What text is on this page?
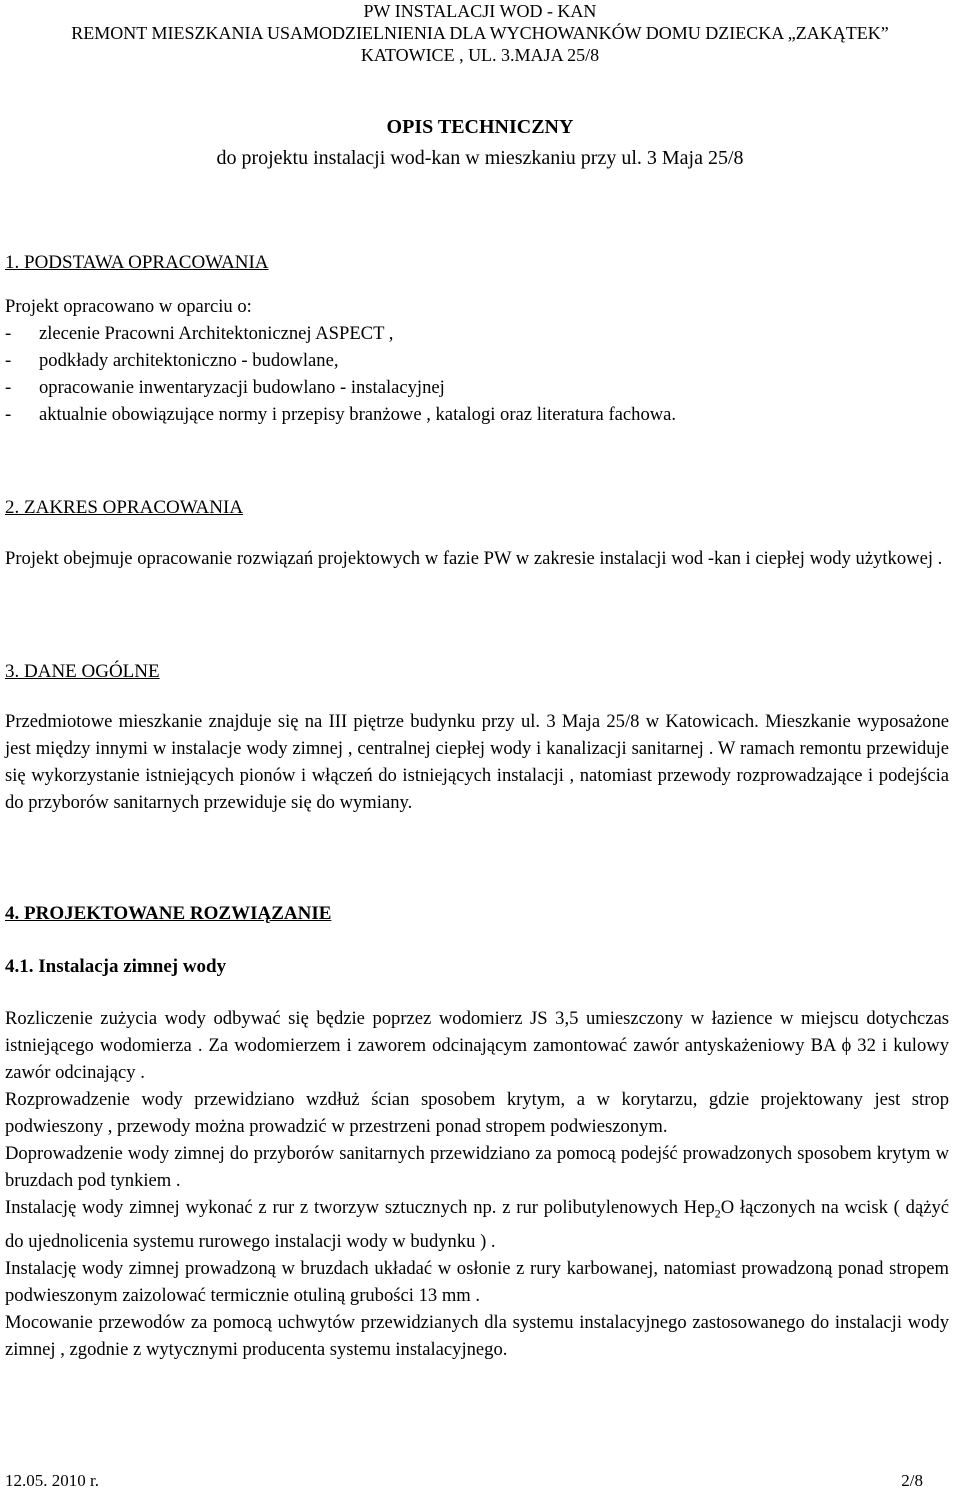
PW INSTALACJI WOD - KAN
REMONT MIESZKANIA USAMODZIELNIENIA DLA WYCHOWANKÓW DOMU DZIECKA „ZAKĄTEK”
KATOWICE , UL. 3.MAJA 25/8
OPIS TECHNICZNY
do projektu instalacji wod-kan w mieszkaniu przy ul. 3 Maja 25/8
1. PODSTAWA OPRACOWANIA
Projekt opracowano w oparciu o:
- zlecenie Pracowni Architektonicznej ASPECT ,
- podkłady architektoniczno - budowlane,
- opracowanie inwentaryzacji budowlano - instalacyjnej
- aktualnie obowiązujące normy i przepisy branżowe , katalogi oraz literatura fachowa.
2. ZAKRES OPRACOWANIA
Projekt obejmuje opracowanie rozwiązań projektowych w fazie PW w zakresie instalacji wod -kan i ciepłej wody użytkowej .
3. DANE OGÓLNE
Przedmiotowe mieszkanie znajduje się na III piętrze budynku przy ul. 3 Maja 25/8 w Katowicach. Mieszkanie wyposażone jest między innymi w instalacje wody zimnej , centralnej ciepłej wody i kanalizacji sanitarnej . W ramach remontu przewiduje się wykorzystanie istniejących pionów i włączeń do istniejących instalacji , natomiast przewody rozprowadzające i podejścia do przyborów sanitarnych przewiduje się do wymiany.
4. PROJEKTOWANE ROZWIĄZANIE
4.1. Instalacja zimnej wody
Rozliczenie zużycia wody odbywać się będzie poprzez wodomierz JS 3,5 umieszczony w łazience w miejscu dotychczas istniejącego wodomierza . Za wodomierzem i zaworem odcinającym zamontować zawór antyskażeniowy BA ϕ 32 i kulowy zawór odcinający .
Rozprowadzenie wody przewidziano wzdłuż ścian sposobem krytym, a w korytarzu, gdzie projektowany jest strop podwieszony , przewody można prowadzić w przestrzeni ponad stropem podwieszonym.
Doprowadzenie wody zimnej do przyborów sanitarnych przewidziano za pomocą podejść prowadzonych sposobem krytym w bruzdach pod tynkiem .
Instalację wody zimnej wykonać z rur z tworzyw sztucznych np. z rur polibutylenowych Hep$_2$O łączonych na wcisk ( dążyć do ujednolicenia systemu rurowego instalacji wody w budynku ) .
Instalację wody zimnej prowadzoną w bruzdach układać w osłonie z rury karbowanej, natomiast prowadzoną ponad stropem podwieszonym zaizolować termicznie otuliną grubości 13 mm .
Mocowanie przewodów za pomocą uchwytów przewidzianych dla systemu instalacyjnego zastosowanego do instalacji wody zimnej , zgodnie z wytycznymi producenta systemu instalacyjnego.
12.05. 2010 r.	2/8
